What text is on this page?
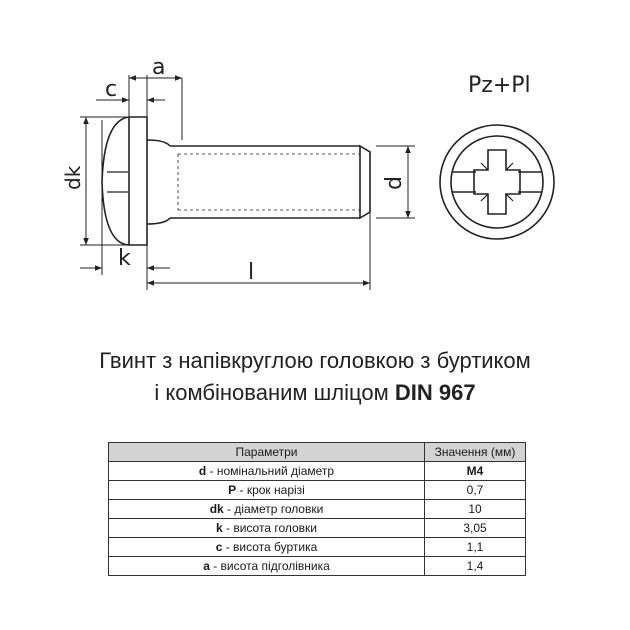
a
c
dk	d
k
l
Pz+Pl
Гвинт з напівкруглою головкою з буртиком
і комбінованим шліцом DIN 967
Параметри	Значення (мм)
d - номінальний діаметр	M4
P - крок нарізі	0,7
dk - діаметр голoвки	10
k - висота головки	3,05
c - висота буртика	1,1
a - висота підголівника	1,4
